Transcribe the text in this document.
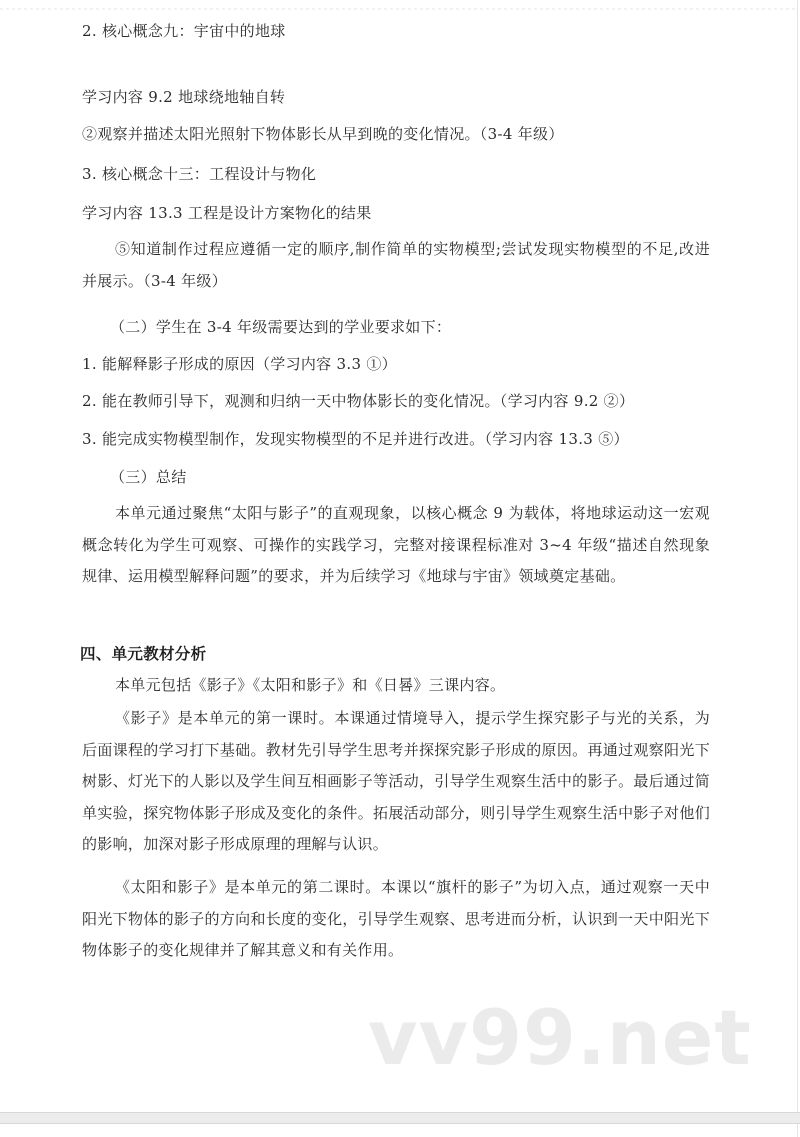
2. 核心概念九：宇宙中的地球
学习内容 9.2 地球绕地轴自转
②观察并描述太阳光照射下物体影长从早到晚的变化情况。（3-4 年级）
3. 核心概念十三：工程设计与物化
学习内容 13.3 工程是设计方案物化的结果
⑤知道制作过程应遵循一定的顺序,制作简单的实物模型;尝试发现实物模型的不足,改进并展示。（3-4 年级）
（二）学生在 3-4 年级需要达到的学业要求如下：
1. 能解释影子形成的原因（学习内容 3.3 ①）
2. 能在教师引导下，观测和归纳一天中物体影长的变化情况。（学习内容 9.2 ②）
3. 能完成实物模型制作，发现实物模型的不足并进行改进。（学习内容 13.3 ⑤）
（三）总结
本单元通过聚焦“太阳与影子”的直观现象，以核心概念 9 为载体，将地球运动这一宏观概念转化为学生可观察、可操作的实践学习，完整对接课程标准对 3~4 年级“描述自然现象规律、运用模型解释问题”的要求，并为后续学习《地球与宇宙》领域奠定基础。
四、单元教材分析
本单元包括《影子》《太阳和影子》和《日晷》三课内容。
《影子》是本单元的第一课时。本课通过情境导入，提示学生探究影子与光的关系，为后面课程的学习打下基础。教材先引导学生思考并探探究影子形成的原因。再通过观察阳光下树影、灯光下的人影以及学生间互相画影子等活动，引导学生观察生活中的影子。最后通过简单实验，探究物体影子形成及变化的条件。拓展活动部分，则引导学生观察生活中影子对他们的影响，加深对影子形成原理的理解与认识。
《太阳和影子》是本单元的第二课时。本课以“旗杆的影子”为切入点，通过观察一天中阳光下物体的影子的方向和长度的变化，引导学生观察、思考进而分析，认识到一天中阳光下物体影子的变化规律并了解其意义和有关作用。
vv99.net
